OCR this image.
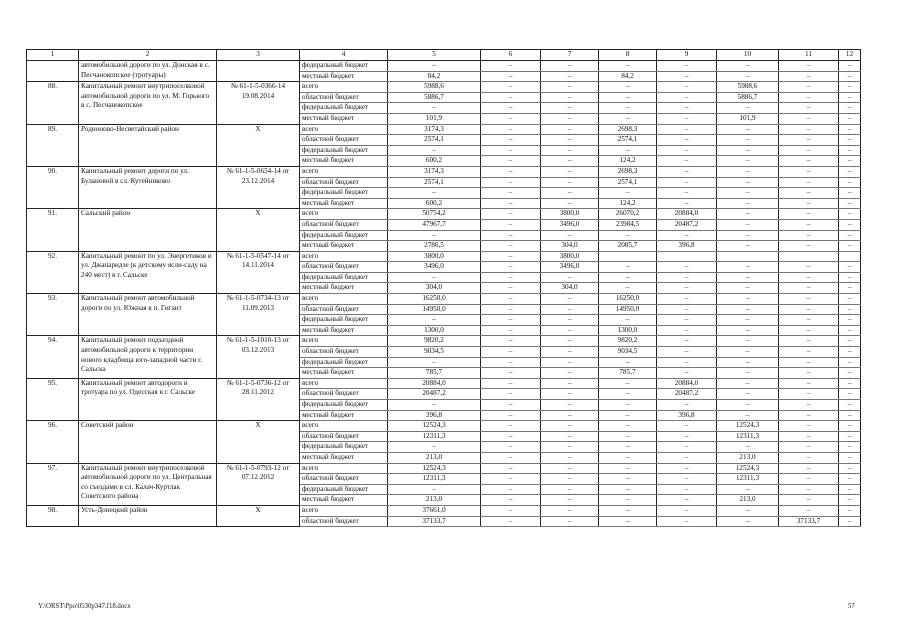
1	2	3	4	5	6	7	8	9	10	11	12
	автомобильной дороги по ул. Донская в с. Песчанокопское (тротуары)		федеральный бюджет	–	–	–	–	–	–	–	–
			местный бюджет	84,2	–	–	84,2	–	–	–	–
88.	Капитальный ремонт внутрипоселковой автомобильной дороги по ул. М. Горького в с. Песчанокопское	№ 61-1-5-0366-14 19.08.2014	всего	5988,6	–	–	–	–	5988,6	–	–
			областной бюджет	5886,7	–	–	–	–	5886,7	–	–
			федеральный бюджет	–	–	–	–	–	–	–	–
			местный бюджет	101,9	–	–	–	–	101,9	–	–
89.	Родионово-Несветайский район	X	всего	3174,3	–	–	2698,3	–	–	–	–
			областной бюджет	2574,1	–	–	2574,1	–	–	–	–
			федеральный бюджет	–	–	–	–	–	–	–	–
			местный бюджет	600,2	–	–	124,2	–	–	–	–
90.	Капитальный ремонт дороги по ул. Булановой в сл. Кутейниково	№ 61-1-5-0654-14 от 23.12.2014	всего	3174,3	–	–	2698,3	–	–	–	–
			областной бюджет	2574,1	–	–	2574,1	–	–	–	–
			федеральный бюджет	–	–	–	–	–	–	–	–
			местный бюджет	600,2	–	–	124,2	–	–	–	–
91.	Сальский район	X	всего	50754,2	–	3800,0	26070,2	20884,0	–	–	–
			областной бюджет	47967,7	–	3496,0	23984,5	20487,2	–	–	–
			федеральный бюджет	–	–	–	–	–	–	–	–
			местный бюджет	2786,5	–	304,0	2085,7	396,8	–	–	–
92.	Капитальный ремонт по ул. Энергетиков и ул. Джапаридзе (к детскому ясли-саду на 240 мест) в г. Сальске	№ 61-1-5-0547-14 от 14.11.2014	всего	3800,0	–	3800,0					
			областной бюджет	3496,0	–	3496,0	–	–	–	–	–
			федеральный бюджет	–	–	–	–	–	–	–	–
			местный бюджет	304,0	–	304,0	–	–	–	–	–
93.	Капитальный ремонт автомобильной дороги по ул. Южная в п. Гигант	№ 61-1-5-0734-13 от 11.09.2013	всего	16250,0	–	–	16250,0	–	–	–	–
			областной бюджет	14950,0	–	–	14950,0	–	–	–	–
			федеральный бюджет	–	–	–	–	–	–	–	–
			местный бюджет	1300,0	–	–	1300,0	–	–	–	–
94.	Капитальный ремонт подъездной автомобильной дороги к территории нового кладбища юго-западной части г. Сальска	№ 61-1-5-1010-13 от 03.12.2013	всего	9820,2	–	–	9820,2	–	–	–	–
			областной бюджет	9034,5	–	–	9034,5	–	–	–	–
			федеральный бюджет	–	–	–	–	–	–	–	–
			местный бюджет	785,7	–	–	785,7	–	–	–	–
95.	Капитальный ремонт автодороги и тротуара по ул. Одесская в г. Сальске	№ 61-1-5-0736-12 от 28.11.2012	всего	20884,0	–	–	–	20884,0	–	–	–
			областной бюджет	20487,2	–	–	–	20487,2	–	–	–
			федеральный бюджет	–	–	–	–	–	–	–	–
			местный бюджет	396,8	–	–	–	396,8	–	–	–
96.	Советский район	X	всего	12524,3	–	–	–	–	12524,3	–	–
			областной бюджет	12311,3	–	–	–	–	12311,3	–	–
			федеральный бюджет	–	–	–	–	–	–	–	–
			местный бюджет	213,0	–	–	–	–	213,0	–	–
97.	Капитальный ремонт внутрипоселковой автомобильной дороги по ул. Центральная со съездами в сл. Калач-Куртлак Советского района	№ 61-1-5-0793-12 от 07.12.2012	всего	12524,3	–	–	–	–	12524,3	–	–
			областной бюджет	12311,3	–	–	–	–	12311,3	–	–
			федеральный бюджет	–	–	–	–	–	–	–	–
			местный бюджет	213,0	–	–	–	–	213,0	–	–
98.	Усть-Донецкий район	X	всего	37661,0	–	–	–	–	–	–	–
			областной бюджет	37133,7	–	–	–	–	–	37133,7	–
Y:\ORST\Ppo\0530p347.f18.docx	57
